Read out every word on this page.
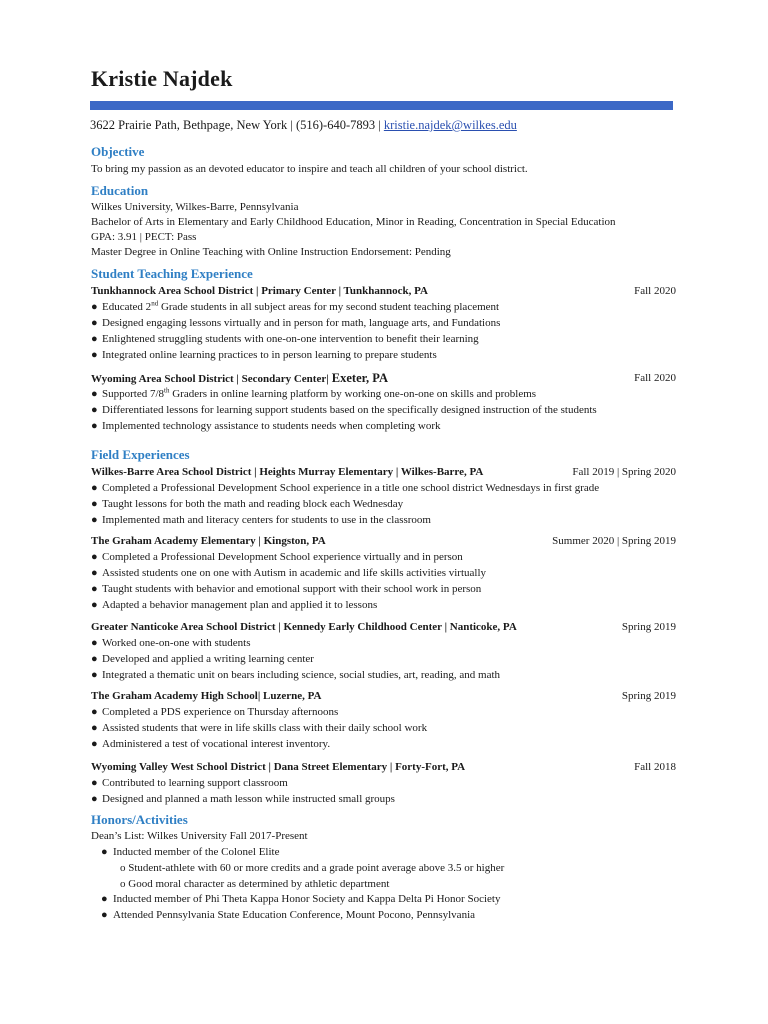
Kristie Najdek
3622 Prairie Path, Bethpage, New York | (516)-640-7893 | kristie.najdek@wilkes.edu
Objective
To bring my passion as an devoted educator to inspire and teach all children of your school district.
Education
Wilkes University, Wilkes-Barre, Pennsylvania
Bachelor of Arts in Elementary and Early Childhood Education, Minor in Reading, Concentration in Special Education
GPA: 3.91 | PECT: Pass
Master Degree in Online Teaching with Online Instruction Endorsement: Pending
Student Teaching Experience
Tunkhannock Area School District | Primary Center | Tunkhannock, PA	Fall 2020
● Educated 2nd Grade students in all subject areas for my second student teaching placement
● Designed engaging lessons virtually and in person for math, language arts, and Fundations
● Enlightened struggling students with one-on-one intervention to benefit their learning
● Integrated online learning practices to in person learning to prepare students
Wyoming Area School District | Secondary Center| Exeter, PA	Fall 2020
● Supported 7/8th Graders in online learning platform by working one-on-one on skills and problems
● Differentiated lessons for learning support students based on the specifically designed instruction of the students
● Implemented technology assistance to students needs when completing work
Field Experiences
Wilkes-Barre Area School District | Heights Murray Elementary | Wilkes-Barre, PA	Fall 2019 | Spring 2020
● Completed a Professional Development School experience in a title one school district Wednesdays in first grade
● Taught lessons for both the math and reading block each Wednesday
● Implemented math and literacy centers for students to use in the classroom
The Graham Academy Elementary | Kingston, PA	Summer 2020 | Spring 2019
● Completed a Professional Development School experience virtually and in person
● Assisted students one on one with Autism in academic and life skills activities virtually
● Taught students with behavior and emotional support with their school work in person
● Adapted a behavior management plan and applied it to lessons
Greater Nanticoke Area School District | Kennedy Early Childhood Center | Nanticoke, PA	Spring 2019
● Worked one-on-one with students
● Developed and applied a writing learning center
● Integrated a thematic unit on bears including science, social studies, art, reading, and math
The Graham Academy High School| Luzerne, PA	Spring 2019
● Completed a PDS experience on Thursday afternoons
● Assisted students that were in life skills class with their daily school work
● Administered a test of vocational interest inventory.
Wyoming Valley West School District | Dana Street Elementary | Forty-Fort, PA	Fall 2018
● Contributed to learning support classroom
● Designed and planned a math lesson while instructed small groups
Honors/Activities
Dean’s List: Wilkes University Fall 2017-Present
● Inducted member of the Colonel Elite
o Student-athlete with 60 or more credits and a grade point average above 3.5 or higher
o Good moral character as determined by athletic department
● Inducted member of Phi Theta Kappa Honor Society and Kappa Delta Pi Honor Society
● Attended Pennsylvania State Education Conference, Mount Pocono, Pennsylvania
